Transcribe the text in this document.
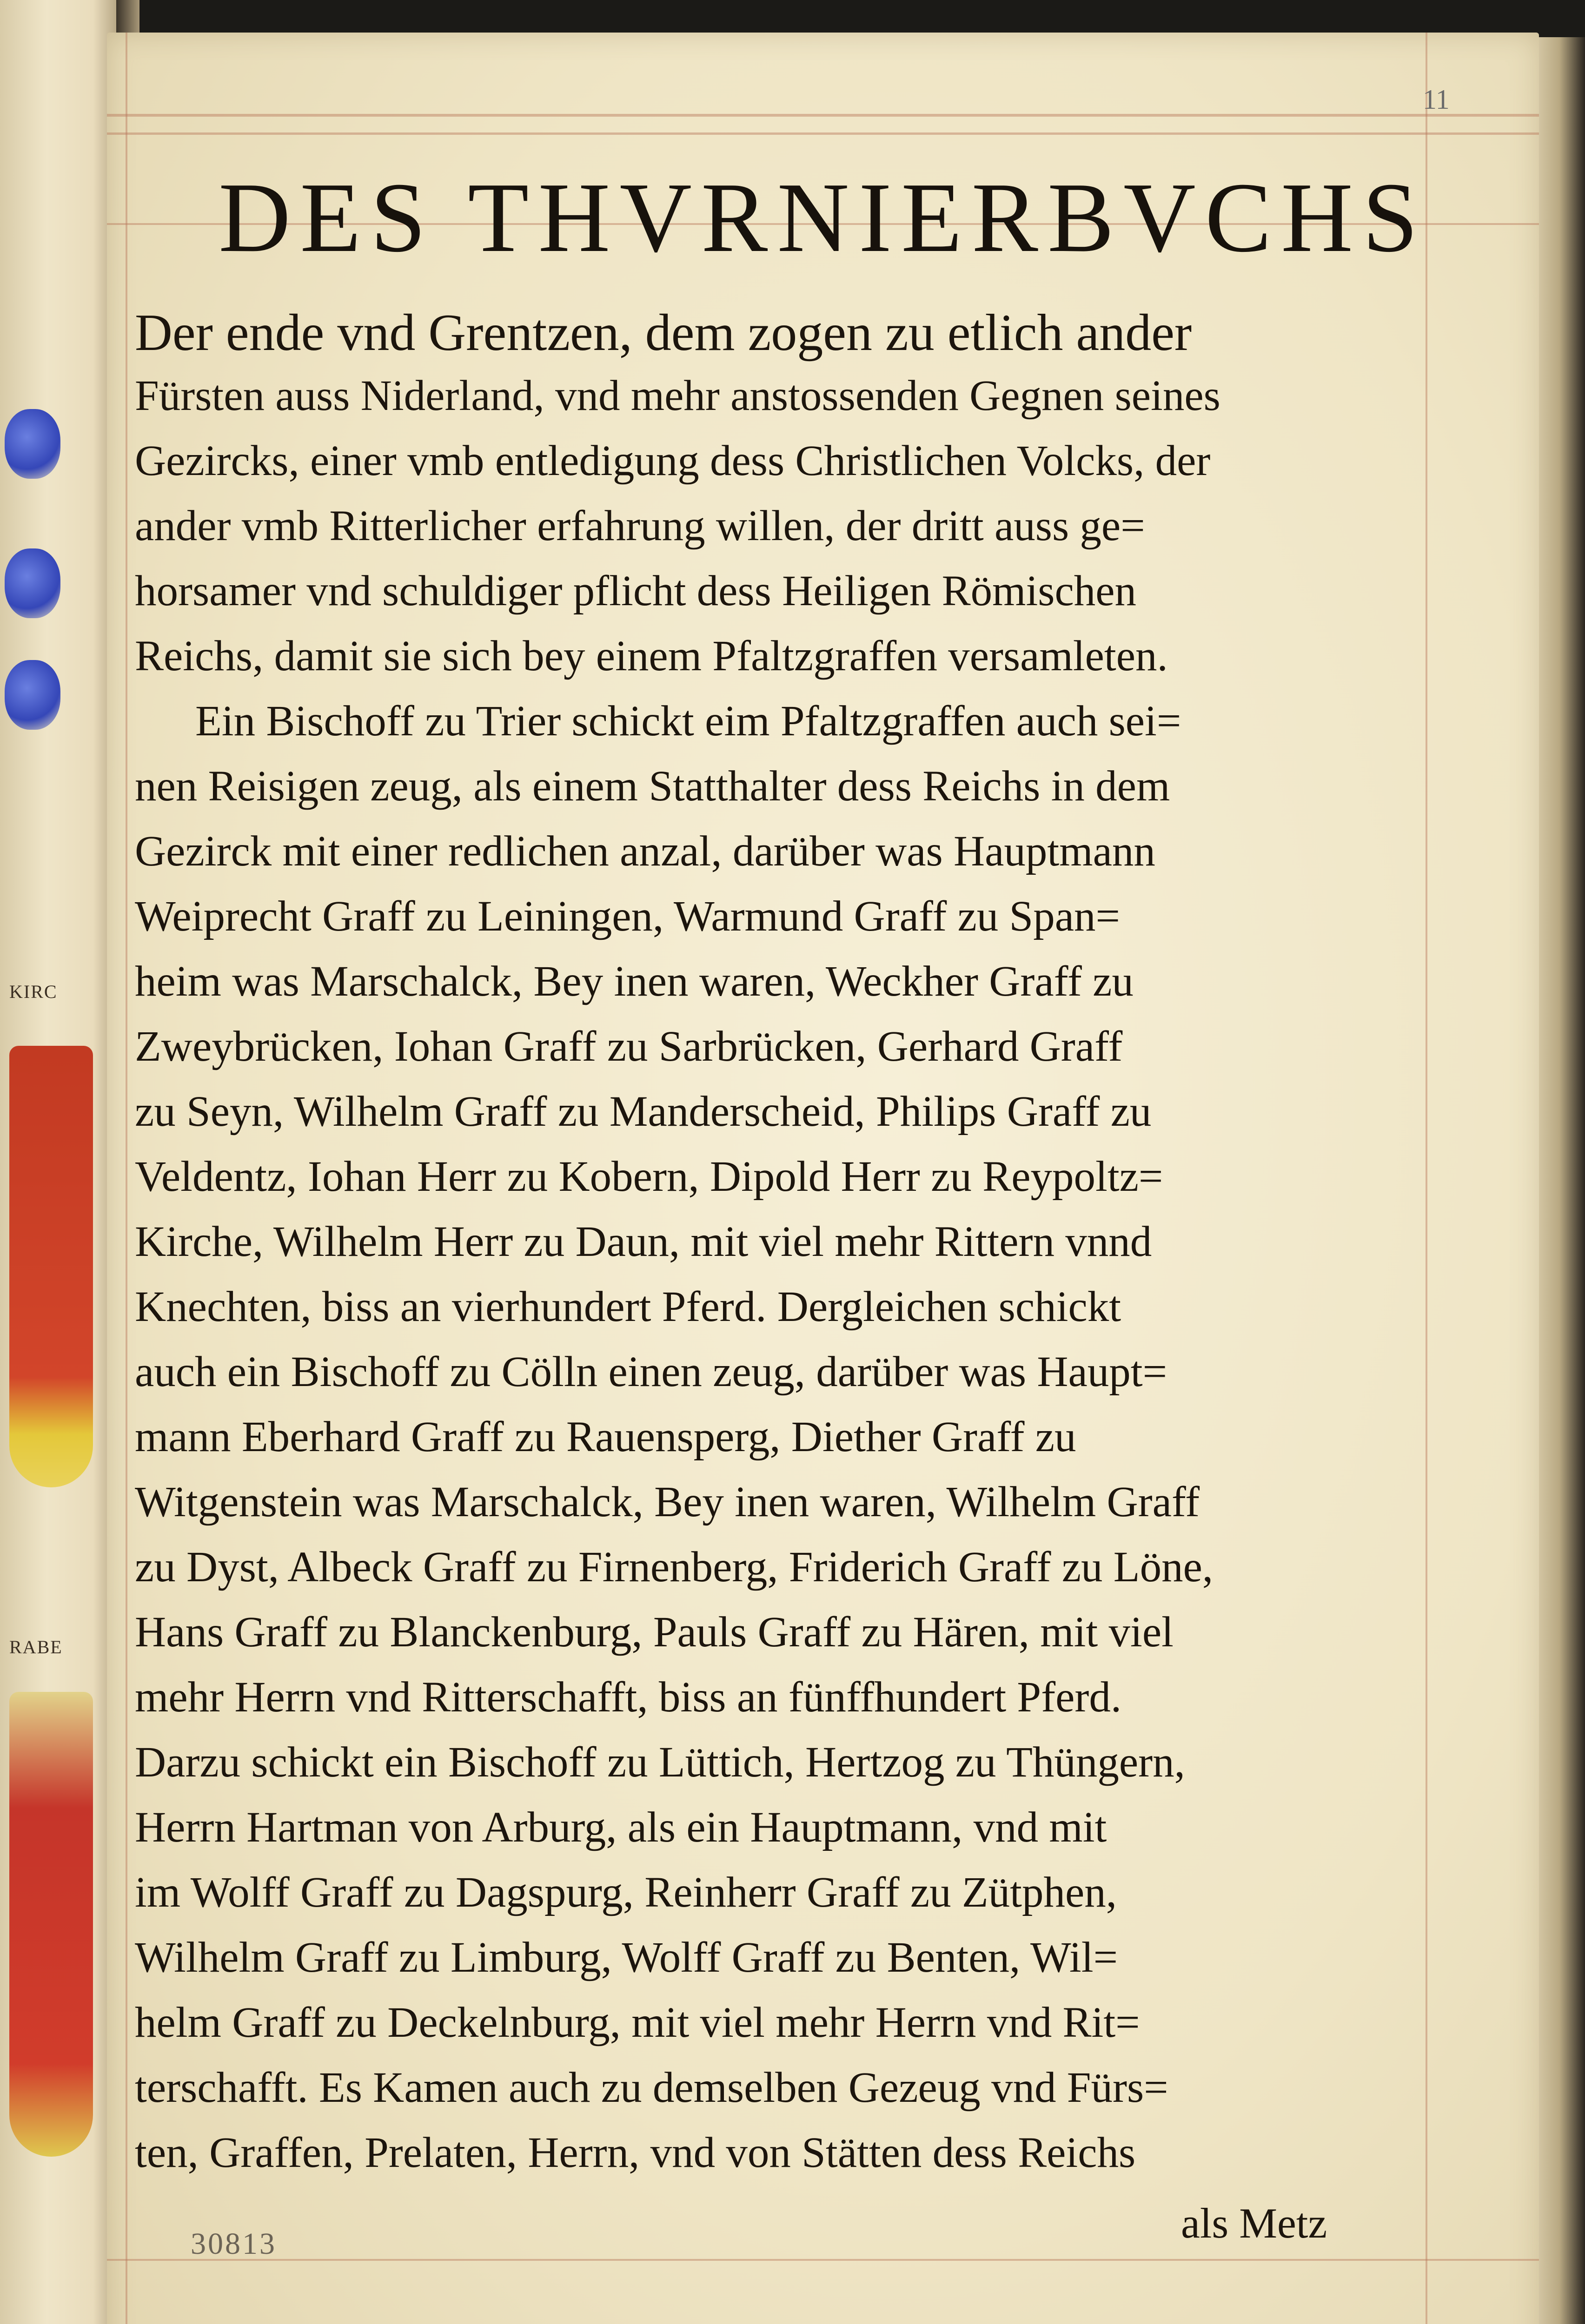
KIRC
RABE
11
DES THVRNIERBVCHS
Der ende vnd Grentzen, dem zogen zu etlich ander
Fürsten auss Niderland, vnd mehr anstossenden Gegnen seines
Gezircks, einer vmb entledigung dess Christlichen Volcks, der
ander vmb Ritterlicher erfahrung willen, der dritt auss ge=
horsamer vnd schuldiger pflicht dess Heiligen Römischen
Reichs, damit sie sich bey einem Pfaltzgraffen versamleten.
Ein Bischoff zu Trier schickt eim Pfaltzgraffen auch sei=
nen Reisigen zeug, als einem Statthalter dess Reichs in dem
Gezirck mit einer redlichen anzal, darüber was Hauptmann
Weiprecht Graff zu Leiningen, Warmund Graff zu Span=
heim was Marschalck, Bey inen waren, Weckher Graff zu
Zweybrücken, Iohan Graff zu Sarbrücken, Gerhard Graff
zu Seyn, Wilhelm Graff zu Manderscheid, Philips Graff zu
Veldentz, Iohan Herr zu Kobern, Dipold Herr zu Reypoltz=
Kirche, Wilhelm Herr zu Daun, mit viel mehr Rittern vnnd
Knechten, biss an vierhundert Pferd. Dergleichen schickt
auch ein Bischoff zu Cölln einen zeug, darüber was Haupt=
mann Eberhard Graff zu Rauensperg, Diether Graff zu
Witgenstein was Marschalck, Bey inen waren, Wilhelm Graff
zu Dyst, Albeck Graff zu Firnenberg, Friderich Graff zu Löne,
Hans Graff zu Blanckenburg, Pauls Graff zu Hären, mit viel
mehr Herrn vnd Ritterschafft, biss an fünffhundert Pferd.
Darzu schickt ein Bischoff zu Lüttich, Hertzog zu Thüngern,
Herrn Hartman von Arburg, als ein Hauptmann, vnd mit
im Wolff Graff zu Dagspurg, Reinherr Graff zu Zütphen,
Wilhelm Graff zu Limburg, Wolff Graff zu Benten, Wil=
helm Graff zu Deckelnburg, mit viel mehr Herrn vnd Rit=
terschafft. Es Kamen auch zu demselben Gezeug vnd Fürs=
ten, Graffen, Prelaten, Herrn, vnd von Stätten dess Reichs
als Metz
30813
